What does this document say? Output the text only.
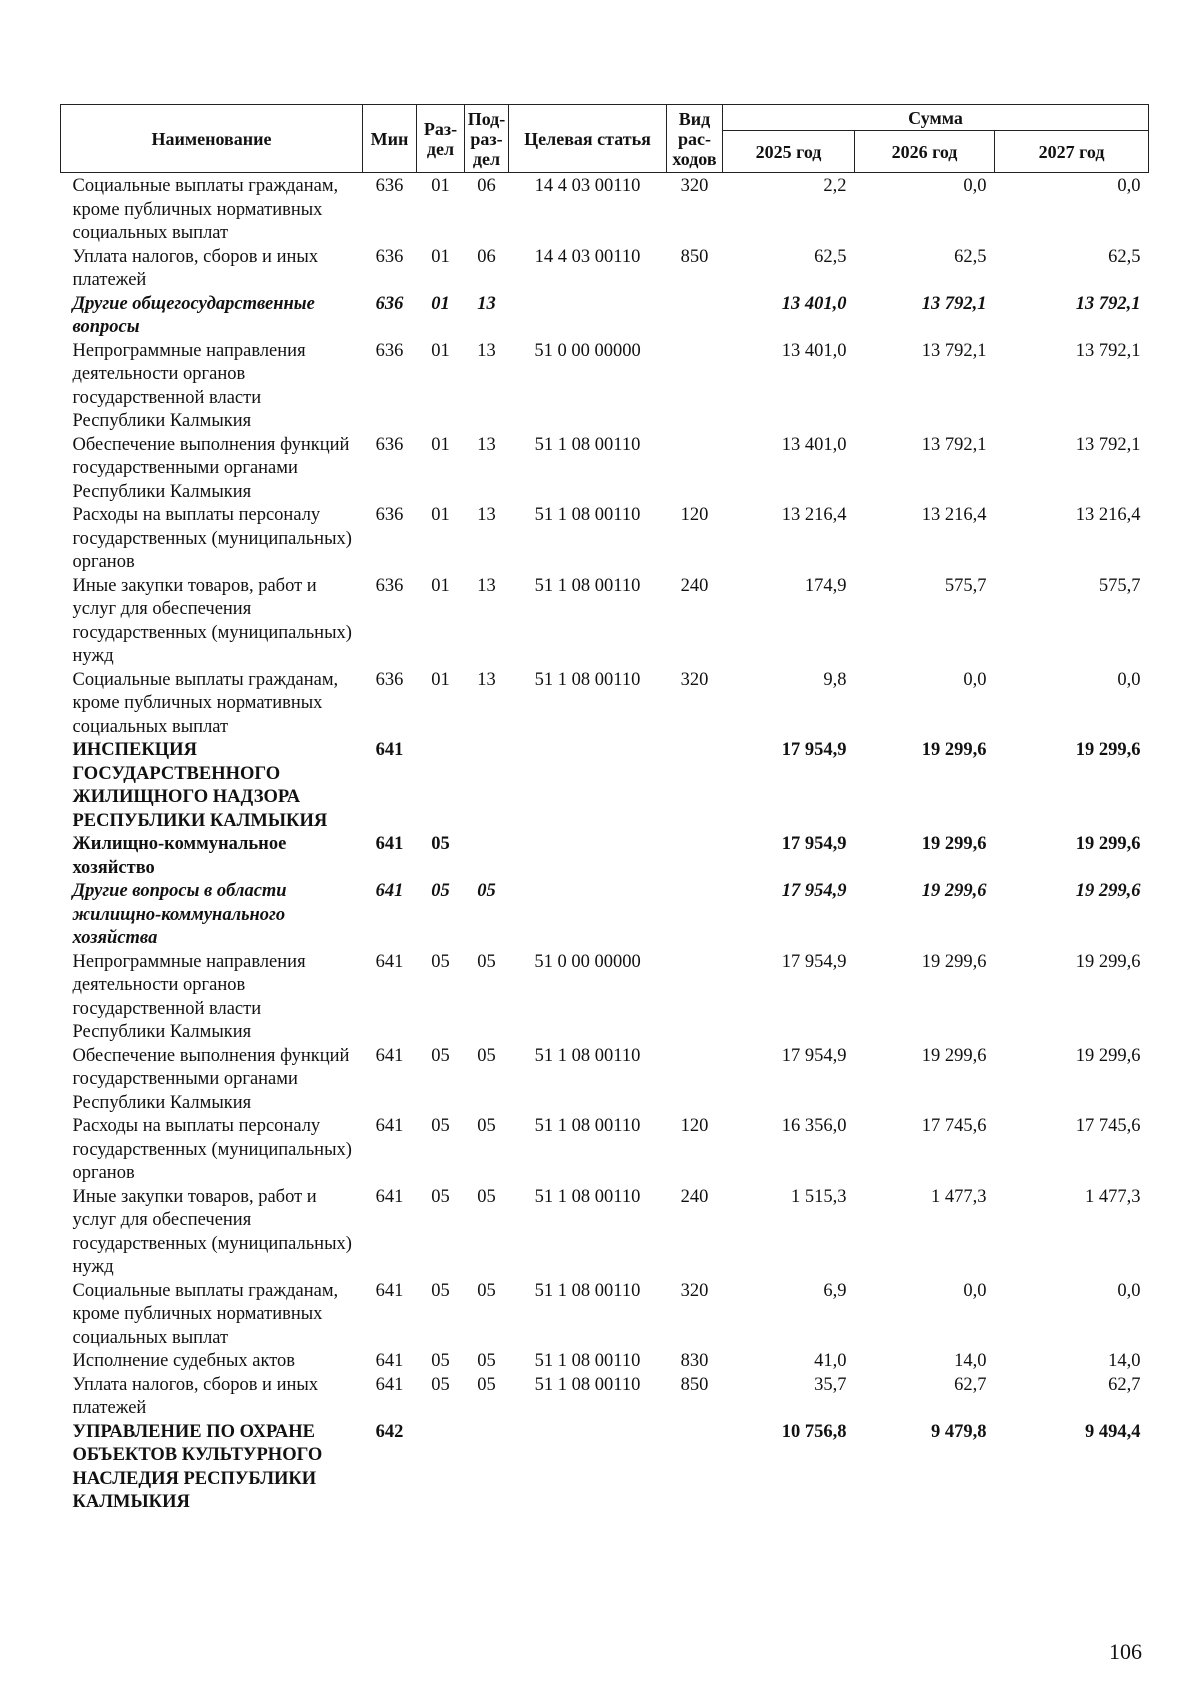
Наименование	Мин	Раз-дел	Под-раз-дел	Целевая статья	Вид рас-ходов	Сумма		
						2025 год	2026 год	2027 год
Социальные выплаты гражданам, кроме публичных нормативных социальных выплат	636	01	06	14 4 03 00110	320	2,2	0,0	0,0
Уплата налогов, сборов и иных платежей	636	01	06	14 4 03 00110	850	62,5	62,5	62,5
Другие общегосударственные вопросы	636	01	13			13 401,0	13 792,1	13 792,1
Непрограммные направления деятельности органов государственной власти Республики Калмыкия	636	01	13	51 0 00 00000		13 401,0	13 792,1	13 792,1
Обеспечение выполнения функций государственными органами Республики Калмыкия	636	01	13	51 1 08 00110		13 401,0	13 792,1	13 792,1
Расходы на выплаты персоналу государственных (муниципальных) органов	636	01	13	51 1 08 00110	120	13 216,4	13 216,4	13 216,4
Иные закупки товаров, работ и услуг для обеспечения государственных (муниципальных) нужд	636	01	13	51 1 08 00110	240	174,9	575,7	575,7
Социальные выплаты гражданам, кроме публичных нормативных социальных выплат	636	01	13	51 1 08 00110	320	9,8	0,0	0,0
ИНСПЕКЦИЯ ГОСУДАРСТВЕННОГО ЖИЛИЩНОГО НАДЗОРА РЕСПУБЛИКИ КАЛМЫКИЯ	641					17 954,9	19 299,6	19 299,6
Жилищно-коммунальное хозяйство	641	05				17 954,9	19 299,6	19 299,6
Другие вопросы в области жилищно-коммунального хозяйства	641	05	05			17 954,9	19 299,6	19 299,6
Непрограммные направления деятельности органов государственной власти Республики Калмыкия	641	05	05	51 0 00 00000		17 954,9	19 299,6	19 299,6
Обеспечение выполнения функций государственными органами Республики Калмыкия	641	05	05	51 1 08 00110		17 954,9	19 299,6	19 299,6
Расходы на выплаты персоналу государственных (муниципальных) органов	641	05	05	51 1 08 00110	120	16 356,0	17 745,6	17 745,6
Иные закупки товаров, работ и услуг для обеспечения государственных (муниципальных) нужд	641	05	05	51 1 08 00110	240	1 515,3	1 477,3	1 477,3
Социальные выплаты гражданам, кроме публичных нормативных социальных выплат	641	05	05	51 1 08 00110	320	6,9	0,0	0,0
Исполнение судебных актов	641	05	05	51 1 08 00110	830	41,0	14,0	14,0
Уплата налогов, сборов и иных платежей	641	05	05	51 1 08 00110	850	35,7	62,7	62,7
УПРАВЛЕНИЕ ПО ОХРАНЕ ОБЪЕКТОВ КУЛЬТУРНОГО НАСЛЕДИЯ РЕСПУБЛИКИ КАЛМЫКИЯ	642					10 756,8	9 479,8	9 494,4
106
